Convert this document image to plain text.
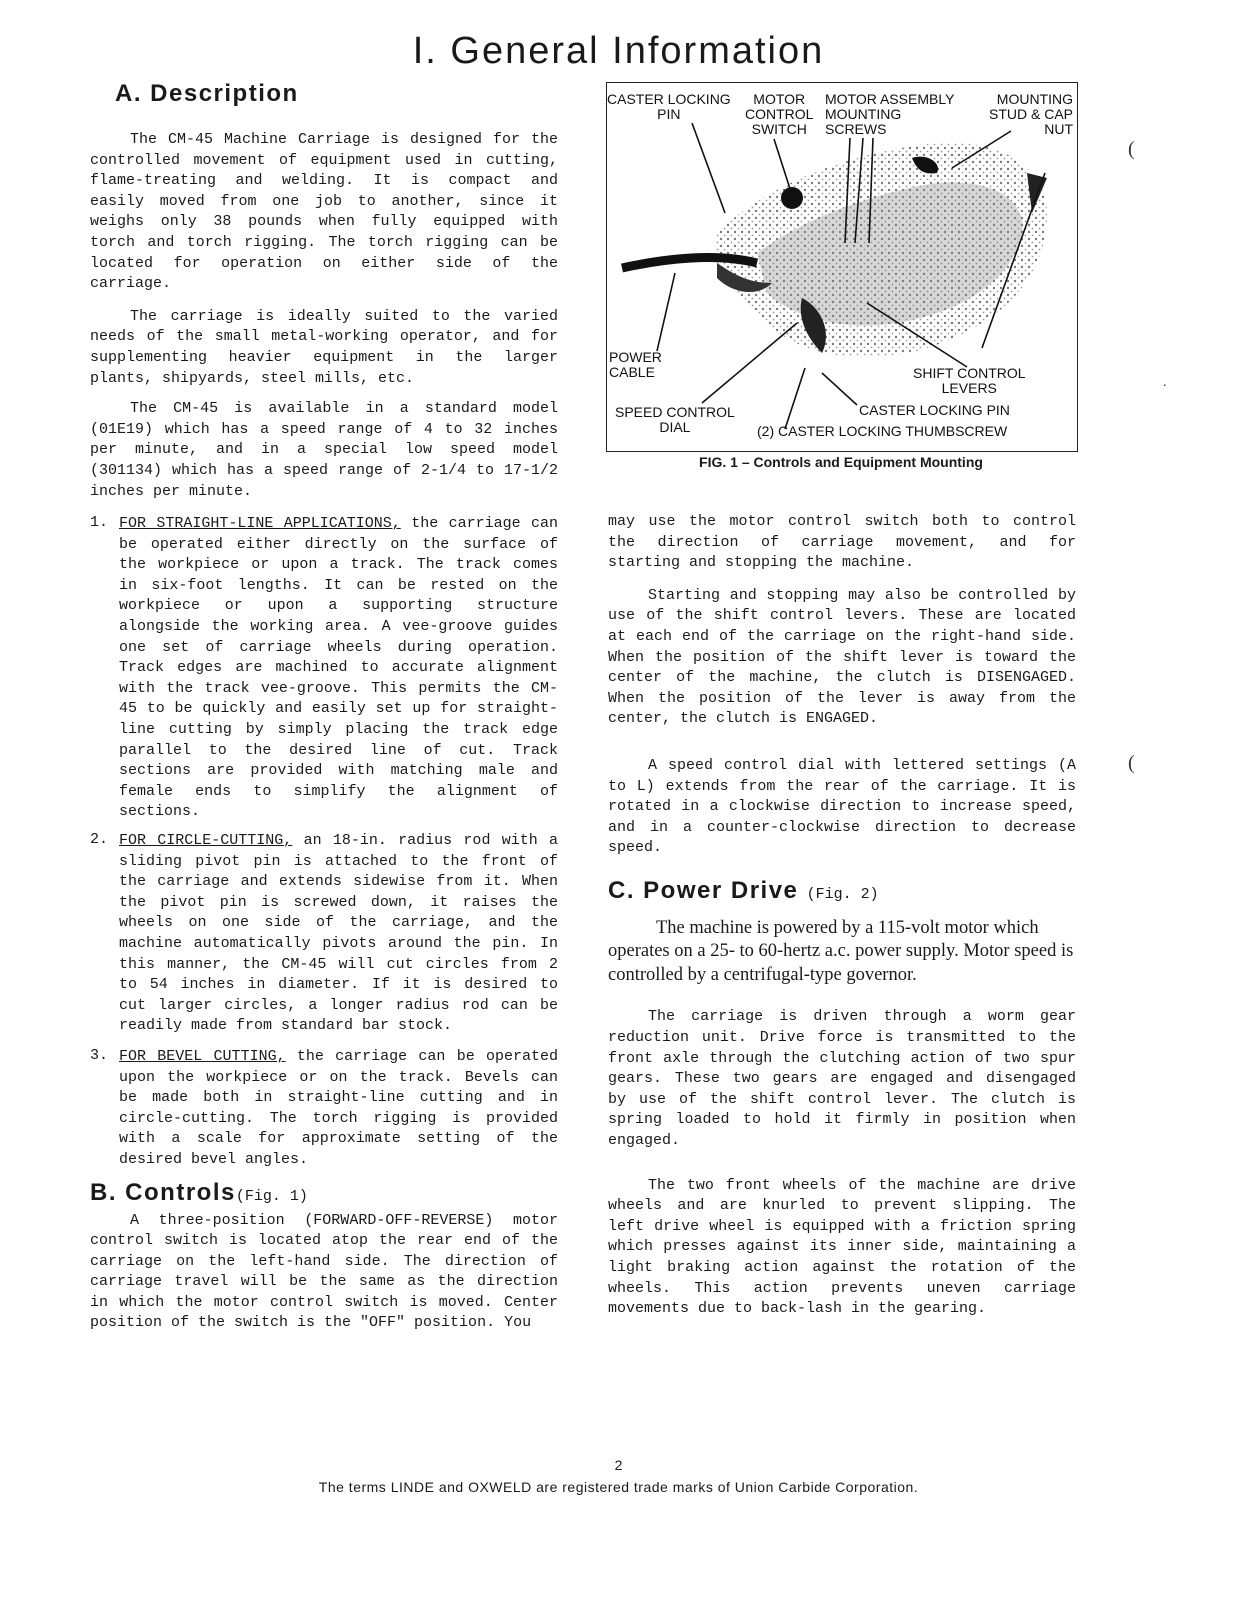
I. General Information
A. Description

The CM-45 Machine Carriage is designed for the controlled movement of equipment used in cutting, flame-treating and welding. It is compact and easily moved from one job to another, since it weighs only 38 pounds when fully equipped with torch and torch rigging. The torch rigging can be located for operation on either side of the carriage.

The carriage is ideally suited to the varied needs of the small metal-working operator, and for supplementing heavier equipment in the larger plants, shipyards, steel mills, etc.

The CM-45 is available in a standard model (01E19) which has a speed range of 4 to 32 inches per minute, and in a special low speed model (301134) which has a speed range of 2-1/4 to 17-1/2 inches per minute.

1. FOR STRAIGHT-LINE APPLICATIONS, the carriage can be operated either directly on the surface of the workpiece or upon a track. The track comes in six-foot lengths. It can be rested on the workpiece or upon a supporting structure alongside the working area. A vee-groove guides one set of carriage wheels during operation. Track edges are machined to accurate alignment with the track vee-groove. This permits the CM-45 to be quickly and easily set up for straight-line cutting by simply placing the track edge parallel to the desired line of cut. Track sections are provided with matching male and female ends to simplify the alignment of sections.

2. FOR CIRCLE-CUTTING, an 18-in. radius rod with a sliding pivot pin is attached to the front of the carriage and extends sidewise from it. When the pivot pin is screwed down, it raises the wheels on one side of the carriage, and the machine automatically pivots around the pin. In this manner, the CM-45 will cut circles from 2 to 54 inches in diameter. If it is desired to cut larger circles, a longer radius rod can be readily made from standard bar stock.

3. FOR BEVEL CUTTING, the carriage can be operated upon the workpiece or on the track. Bevels can be made both in straight-line cutting and in circle-cutting. The torch rigging is provided with a scale for approximate setting of the desired bevel angles.

B. Controls(Fig. 1)

A three-position (FORWARD-OFF-REVERSE) motor control switch is located atop the rear end of the carriage on the left-hand side. The direction of carriage travel will be the same as the direction in which the motor control switch is moved. Center position of the switch is the "OFF" position. You

CASTER LOCKING
PIN
MOTOR
CONTROL
SWITCH
MOTOR ASSEMBLY
MOUNTING
SCREWS
MOUNTING
STUD & CAP
NUT
POWER
CABLE	SHIFT CONTROL
LEVERS
SPEED CONTROL
DIAL
CASTER LOCKING PIN
(2) CASTER LOCKING THUMBSCREW
FIG. 1 – Controls and Equipment Mounting

may use the motor control switch both to control the direction of carriage movement, and for starting and stopping the machine.

Starting and stopping may also be controlled by use of the shift control levers. These are located at each end of the carriage on the right-hand side. When the position of the shift lever is toward the center of the machine, the clutch is DISENGAGED. When the position of the lever is away from the center, the clutch is ENGAGED.

A speed control dial with lettered settings (A to L) extends from the rear of the carriage. It is rotated in a clockwise direction to increase speed, and in a counter-clockwise direction to decrease speed.

C. Power Drive (Fig. 2)

The machine is powered by a 115-volt motor which operates on a 25- to 60-hertz a.c. power supply. Motor speed is controlled by a centrifugal-type governor.

The carriage is driven through a worm gear reduction unit. Drive force is transmitted to the front axle through the clutching action of two spur gears. These two gears are engaged and disengaged by use of the shift control lever. The clutch is spring loaded to hold it firmly in position when engaged.

The two front wheels of the machine are drive wheels and are knurled to prevent slipping. The left drive wheel is equipped with a friction spring which presses against its inner side, maintaining a light braking action against the rotation of the wheels. This action prevents uneven carriage movements due to back-lash in the gearing.

(
(
.
2
The terms LINDE and OXWELD are registered trade marks of Union Carbide Corporation.
